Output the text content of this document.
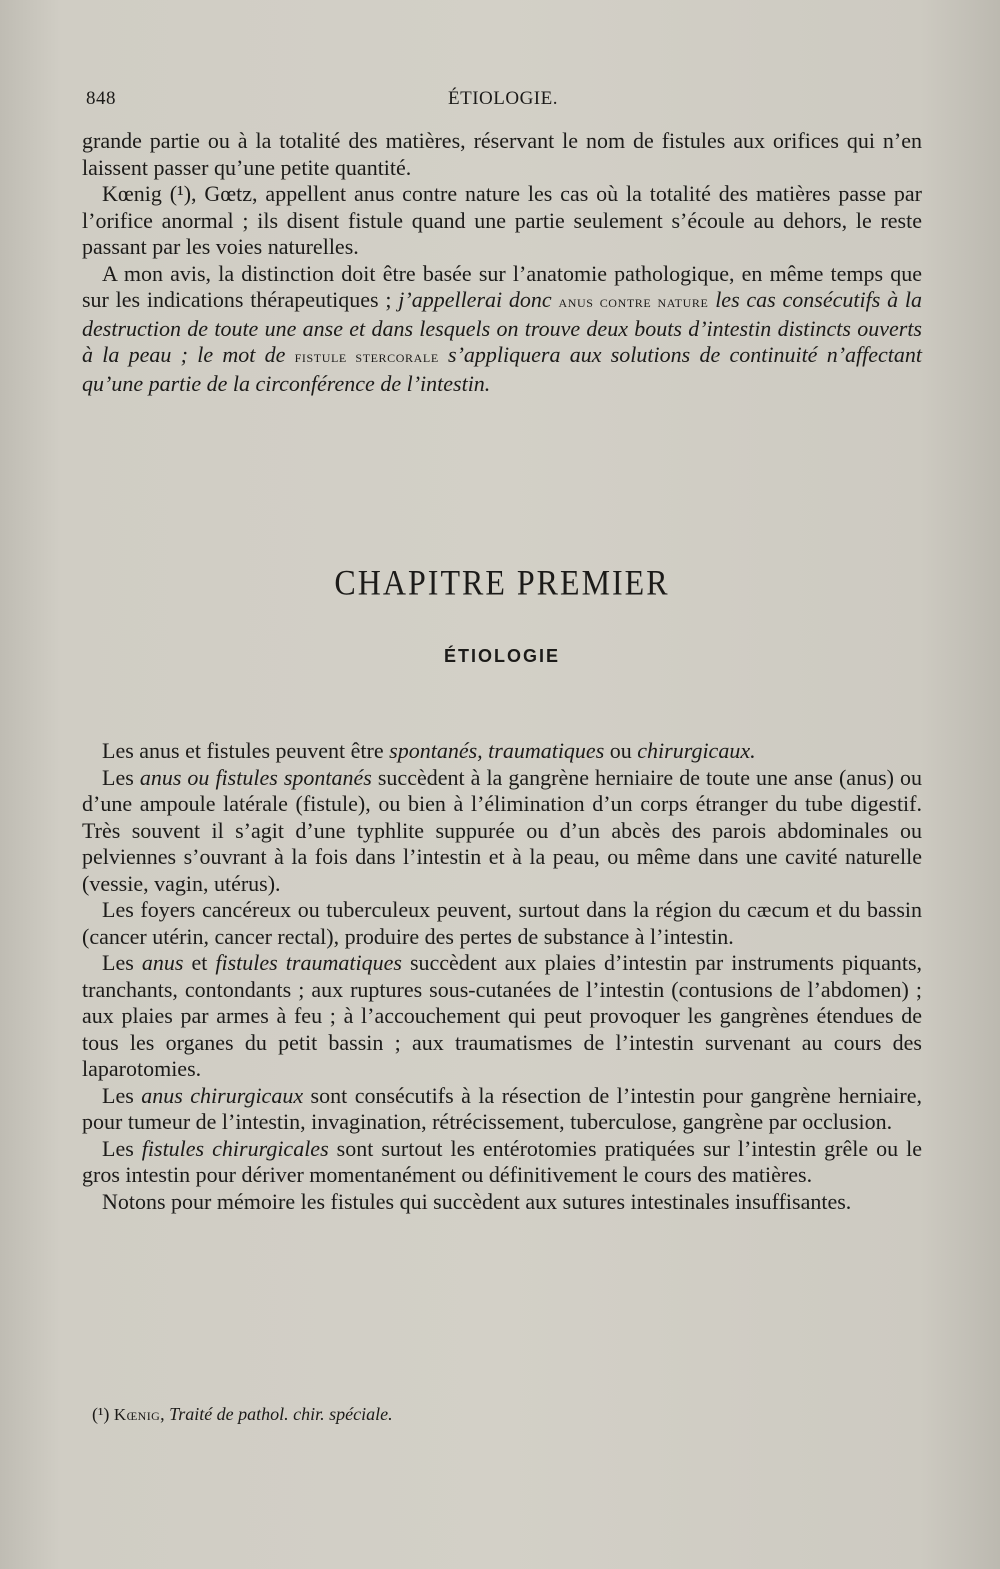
848	ÉTIOLOGIE.

grande partie ou à la totalité des matières, réservant le nom de fistules aux orifices qui n’en laissent passer qu’une petite quantité.

Kœnig (¹), Gœtz, appellent anus contre nature les cas où la totalité des matières passe par l’orifice anormal ; ils disent fistule quand une partie seulement s’écoule au dehors, le reste passant par les voies naturelles.

A mon avis, la distinction doit être basée sur l’anatomie pathologique, en même temps que sur les indications thérapeutiques ; j’appellerai donc anus contre nature les cas consécutifs à la destruction de toute une anse et dans lesquels on trouve deux bouts d’intestin distincts ouverts à la peau ; le mot de fistule stercorale s’appliquera aux solutions de continuité n’affectant qu’une partie de la circonférence de l’intestin.

CHAPITRE PREMIER
ÉTIOLOGIE

Les anus et fistules peuvent être spontanés, traumatiques ou chirurgicaux.

Les anus ou fistules spontanés succèdent à la gangrène herniaire de toute une anse (anus) ou d’une ampoule latérale (fistule), ou bien à l’élimination d’un corps étranger du tube digestif. Très souvent il s’agit d’une typhlite suppurée ou d’un abcès des parois abdominales ou pelviennes s’ouvrant à la fois dans l’intestin et à la peau, ou même dans une cavité naturelle (vessie, vagin, utérus).

Les foyers cancéreux ou tuberculeux peuvent, surtout dans la région du cæcum et du bassin (cancer utérin, cancer rectal), produire des pertes de substance à l’intestin.

Les anus et fistules traumatiques succèdent aux plaies d’intestin par instruments piquants, tranchants, contondants ; aux ruptures sous-cutanées de l’intestin (contusions de l’abdomen) ; aux plaies par armes à feu ; à l’accouchement qui peut provoquer les gangrènes étendues de tous les organes du petit bassin ; aux traumatismes de l’intestin survenant au cours des laparotomies.

Les anus chirurgicaux sont consécutifs à la résection de l’intestin pour gangrène herniaire, pour tumeur de l’intestin, invagination, rétrécissement, tuberculose, gangrène par occlusion.

Les fistules chirurgicales sont surtout les entérotomies pratiquées sur l’intestin grêle ou le gros intestin pour dériver momentanément ou définitivement le cours des matières.

Notons pour mémoire les fistules qui succèdent aux sutures intestinales insuffisantes.

(¹) Kœnig, Traité de pathol. chir. spéciale.
